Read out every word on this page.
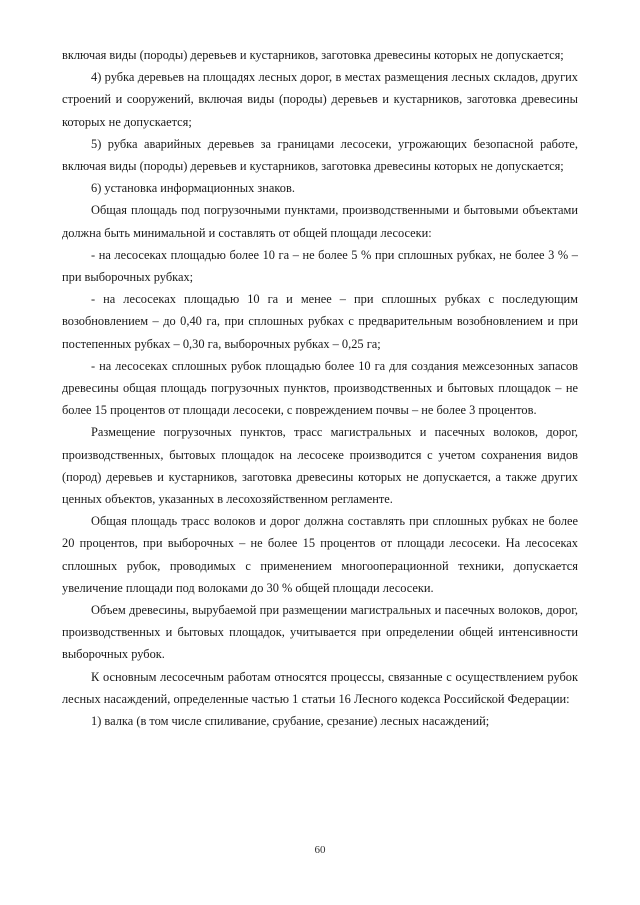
включая виды (породы) деревьев и кустарников, заготовка древесины которых не допускается;

4) рубка деревьев на площадях лесных дорог, в местах размещения лесных складов, других строений и сооружений, включая виды (породы) деревьев и кустарников, заготовка древесины которых не допускается;

5) рубка аварийных деревьев за границами лесосеки, угрожающих безопасной работе, включая виды (породы) деревьев и кустарников, заготовка древесины которых не допускается;

6) установка информационных знаков.

Общая площадь под погрузочными пунктами, производственными и бытовыми объектами должна быть минимальной и составлять от общей площади лесосеки:

- на лесосеках площадью более 10 га – не более 5 % при сплошных рубках, не более 3 % – при выборочных рубках;

- на лесосеках площадью 10 га и менее – при сплошных рубках с последующим возобновлением – до 0,40 га, при сплошных рубках с предварительным возобновлением и при постепенных рубках – 0,30 га, выборочных рубках – 0,25 га;

- на лесосеках сплошных рубок площадью более 10 га для создания межсезонных запасов древесины общая площадь погрузочных пунктов, производственных и бытовых площадок – не более 15 процентов от площади лесосеки, с повреждением почвы – не более 3 процентов.

Размещение погрузочных пунктов, трасс магистральных и пасечных волоков, дорог, производственных, бытовых площадок на лесосеке производится с учетом сохранения видов (пород) деревьев и кустарников, заготовка древесины которых не допускается, а также других ценных объектов, указанных в лесохозяйственном регламенте.

Общая площадь трасс волоков и дорог должна составлять при сплошных рубках не более 20 процентов, при выборочных – не более 15 процентов от площади лесосеки. На лесосеках сплошных рубок, проводимых с применением многооперационной техники, допускается увеличение площади под волоками до 30 % общей площади лесосеки.

Объем древесины, вырубаемой при размещении магистральных и пасечных волоков, дорог, производственных и бытовых площадок, учитывается при определении общей интенсивности выборочных рубок.

К основным лесосечным работам относятся процессы, связанные с осуществлением рубок лесных насаждений, определенные частью 1 статьи 16 Лесного кодекса Российской Федерации:

1) валка (в том числе спиливание, срубание, срезание) лесных насаждений;

60
